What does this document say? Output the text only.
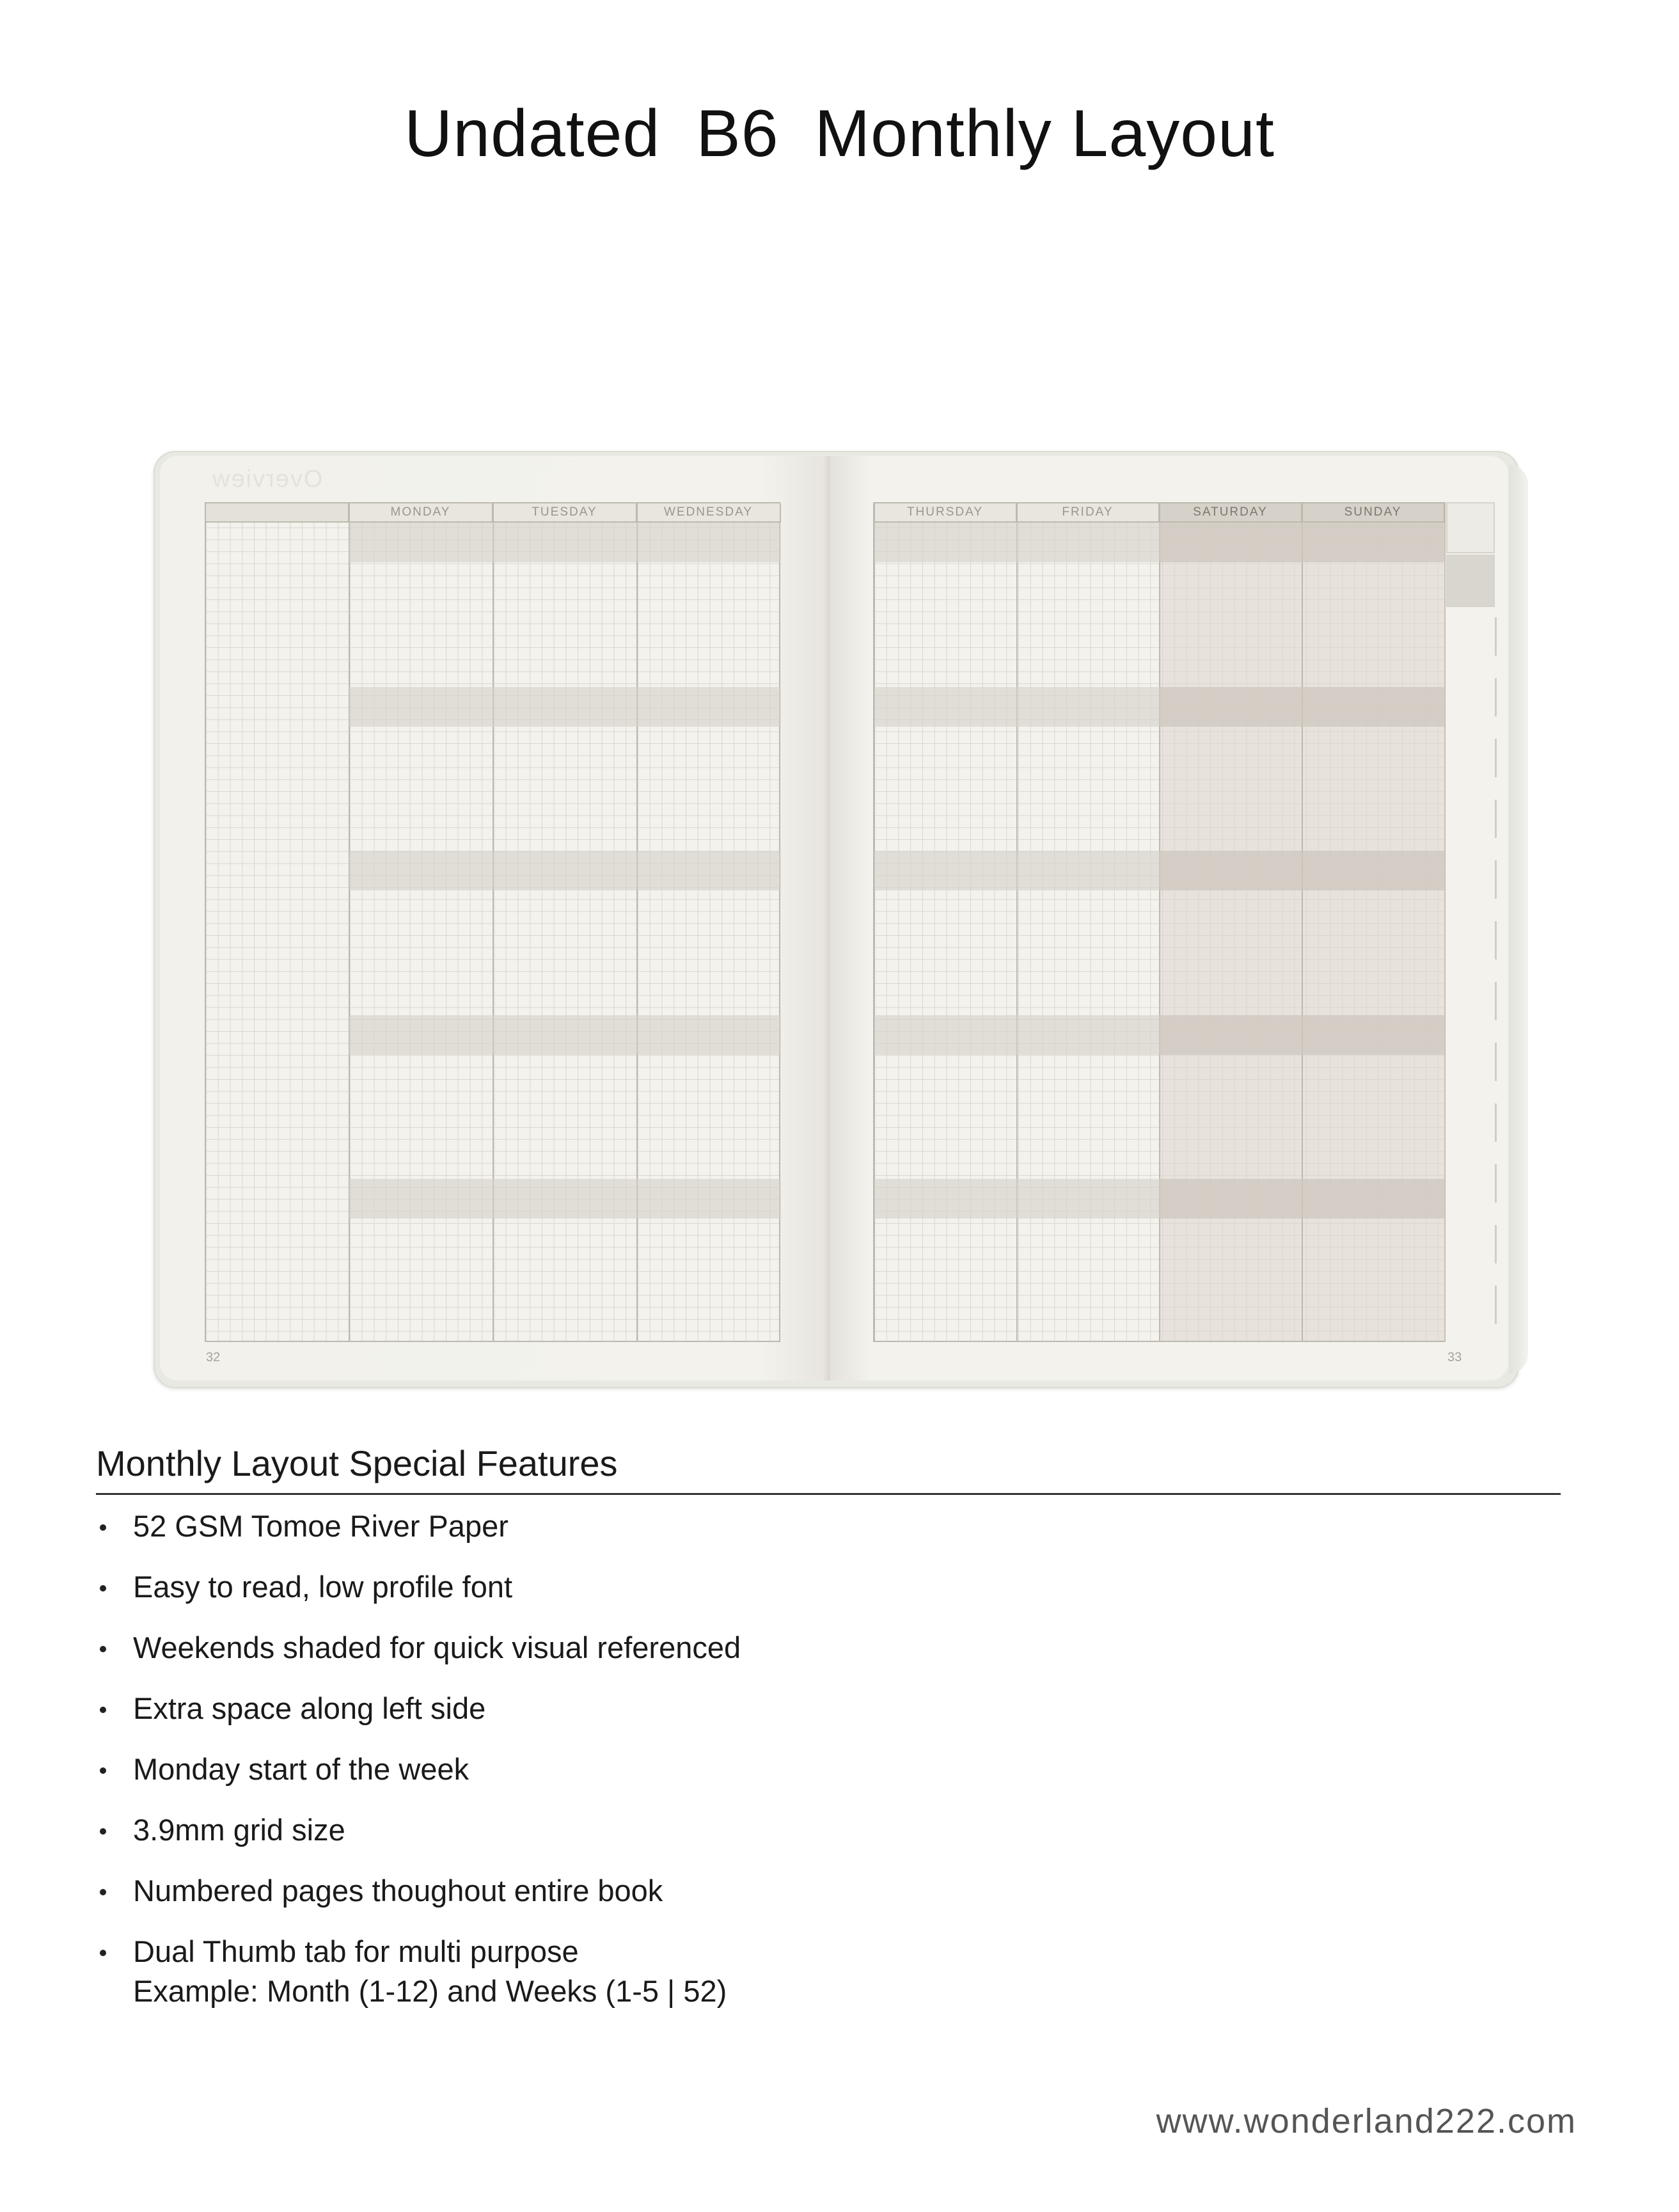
Undated B6 Monthly Layout
Overview
MONDAY	TUESDAY	WEDNESDAY
32
THURSDAY	FRIDAY	SATURDAY	SUNDAY
33
Monthly Layout Special Features
52 GSM Tomoe River Paper
Easy to read, low profile font
Weekends shaded for quick visual referenced
Extra space along left side
Monday start of the week
3.9mm grid size
Numbered pages thoughout entire book
Dual Thumb tab for multi purpose
Example: Month (1-12) and Weeks (1-5 | 52)
www.wonderland222.com
